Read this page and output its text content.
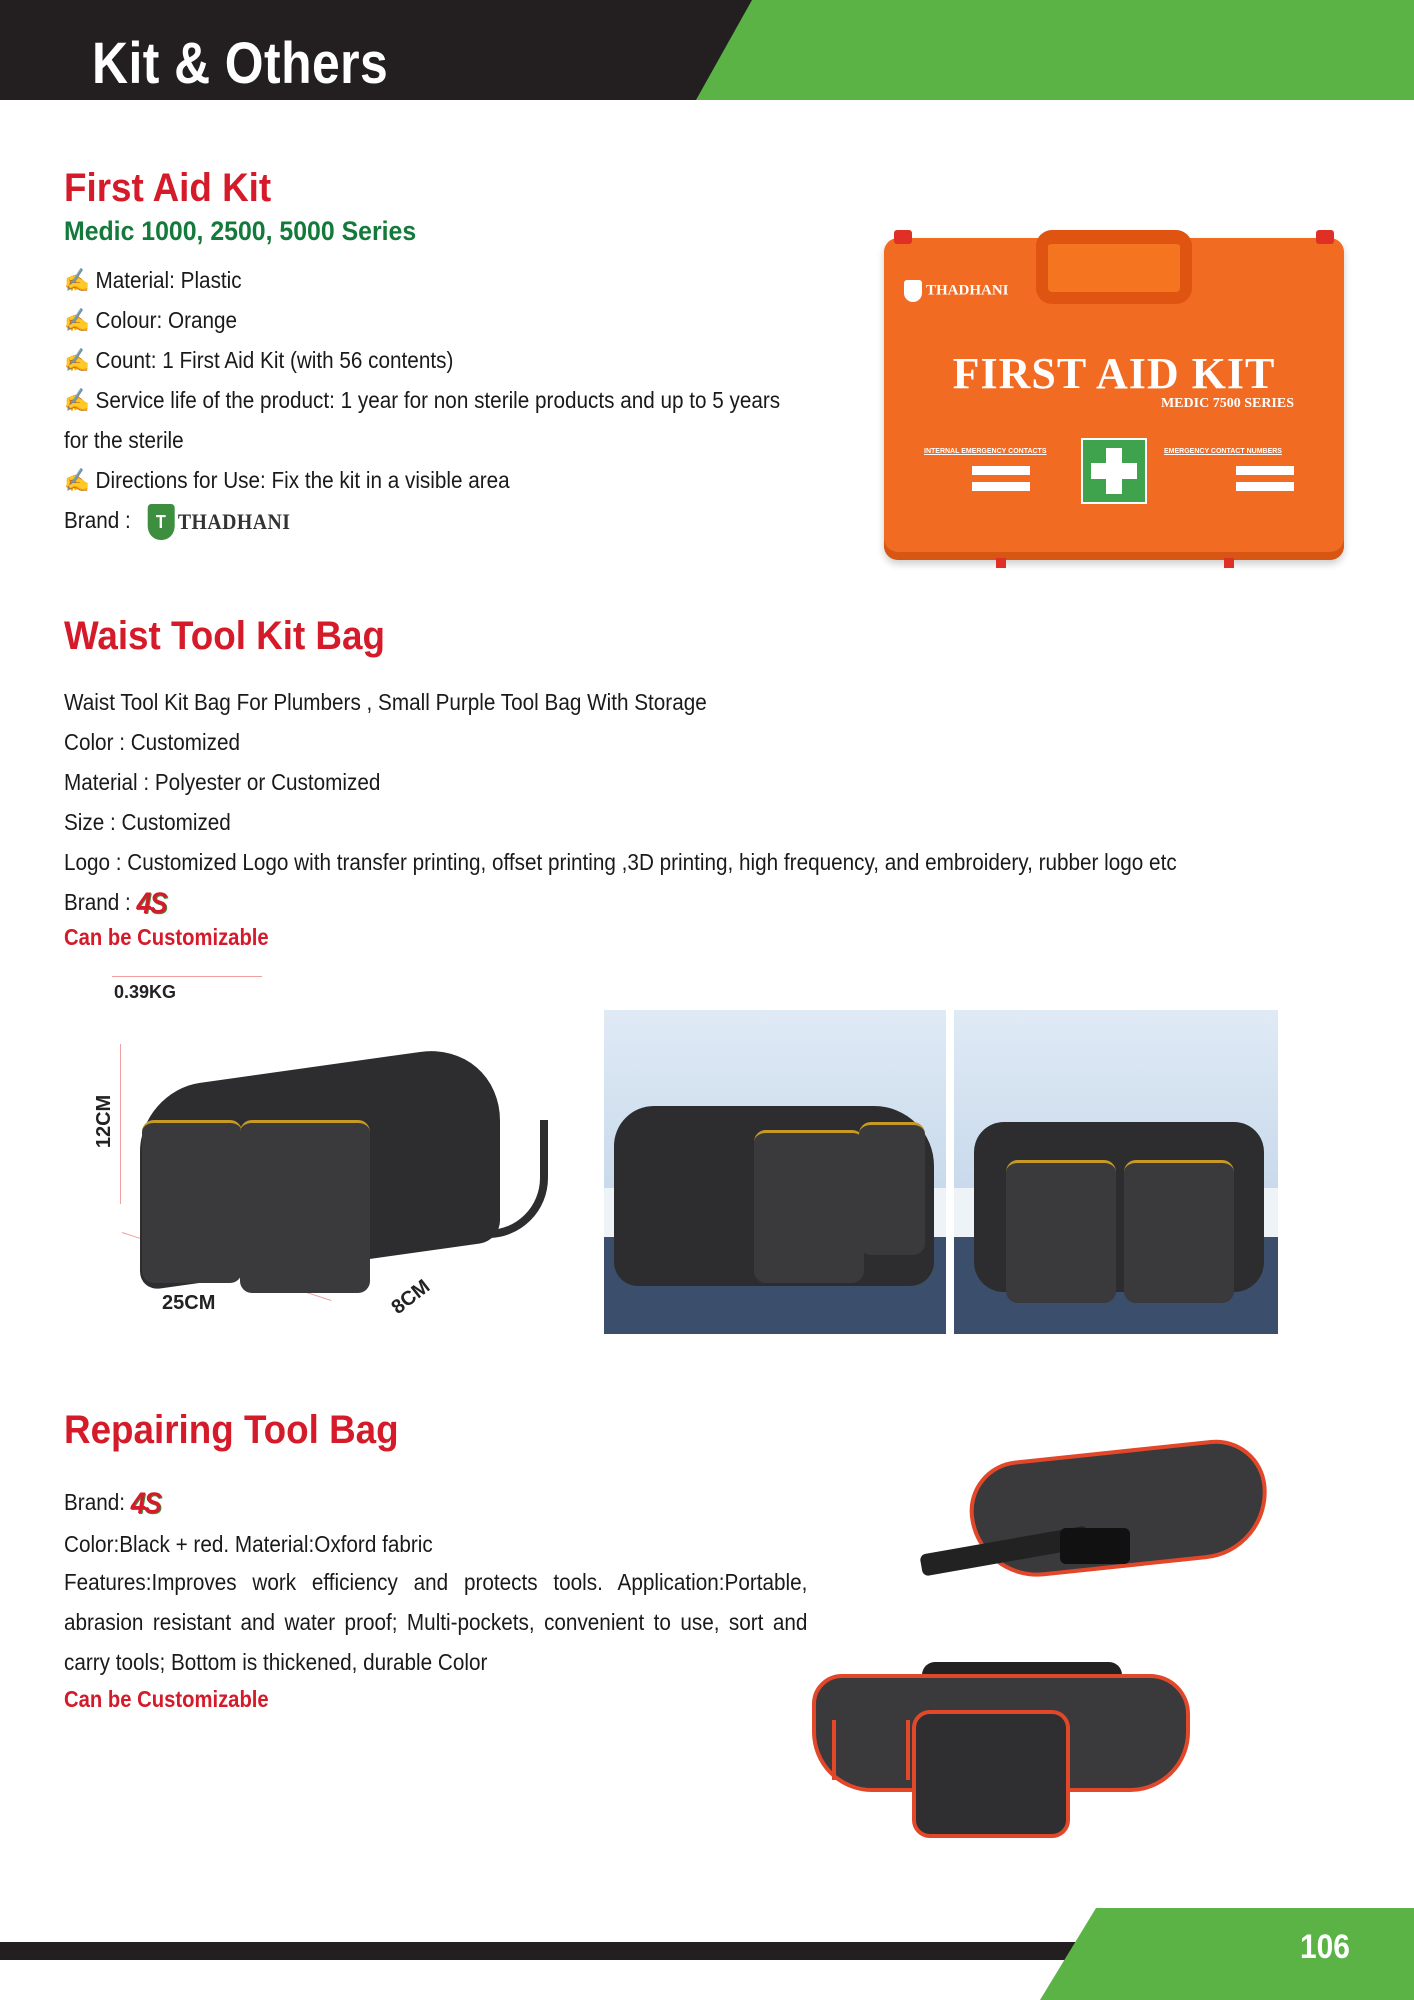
Kit & Others
First Aid Kit
Medic 1000, 2500, 5000 Series
✍ Material: Plastic
✍ Colour: Orange
✍ Count: 1 First Aid Kit (with 56 contents)
✍ Service life of the product: 1 year for non sterile products and up to 5 years
for the sterile
✍ Directions for Use: Fix the kit in a visible area
Brand :	T THADHANI
THADHANI
FIRST AID KIT
MEDIC 7500 SERIES
INTERNAL EMERGENCY CONTACTS	EMERGENCY CONTACT NUMBERS
Waist Tool Kit Bag
Waist Tool Kit Bag For Plumbers , Small Purple Tool Bag With Storage
Color : Customized
Material : Polyester or Customized
Size : Customized
Logo : Customized Logo with transfer printing, offset printing ,3D printing, high frequency, and embroidery, rubber logo etc
Brand : 4S
Can be Customizable
0.39KG
12CM
25CM	8CM
Repairing Tool Bag
Brand: 4S
Color:Black + red. Material:Oxford fabric
Features:Improves work efficiency and protects tools. Application:Portable, abrasion resistant and water proof; Multi-pockets, convenient to use, sort and carry tools; Bottom is thickened, durable Color
Can be Customizable
106
